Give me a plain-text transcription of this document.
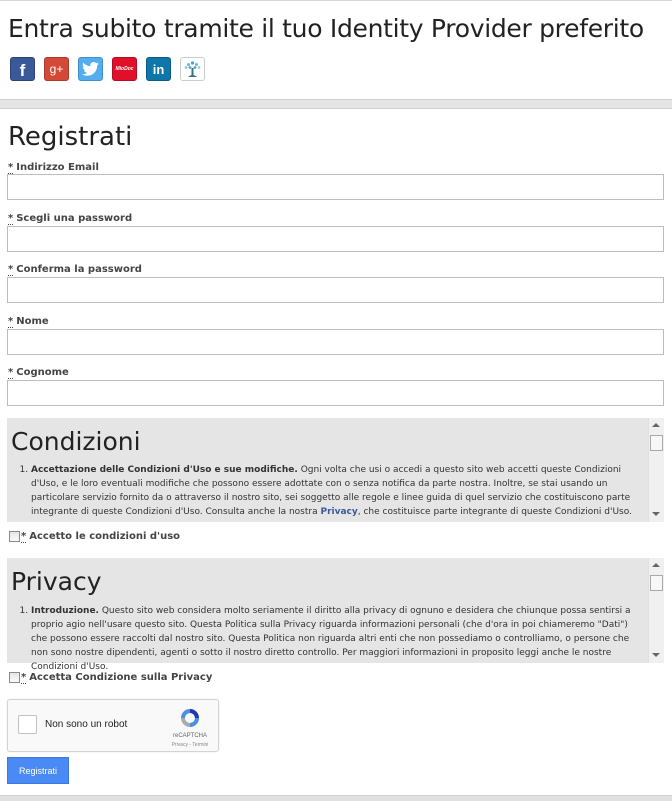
Entra subito tramite il tuo Identity Provider preferito
f g+	MioDoc in
Registrati
* Indirizzo Email
* Scegli una password
* Conferma la password
* Nome
* Cognome
Condizioni
1. Accettazione delle Condizioni d'Uso e sue modifiche. Ogni volta che usi o accedi a questo sito web accetti queste Condizioni d'Uso, e le loro eventuali modifiche che possono essere adottate con o senza notifica da parte nostra. Inoltre, se stai usando un particolare servizio fornito da o attraverso il nostro sito, sei soggetto alle regole e linee guida di quel servizio che costituiscono parte integrante di queste Condizioni d'Uso. Consulta anche la nostra Privacy, che costituisce parte integrante di queste Condizioni d'Uso.
* Accetto le condizioni d'uso
Privacy
1. Introduzione. Questo sito web considera molto seriamente il diritto alla privacy di ognuno e desidera che chiunque possa sentirsi a proprio agio nell'usare questo sito. Questa Politica sulla Privacy riguarda informazioni personali (che d'ora in poi chiameremo "Dati") che possono essere raccolti dal nostro sito. Questa Politica non riguarda altri enti che non possediamo o controlliamo, o persone che non sono nostre dipendenti, agenti o sotto il nostro diretto controllo. Per maggiori informazioni in proposito leggi anche le nostre Condizioni d'Uso.
* Accetta Condizione sulla Privacy
Non sono un robot
reCAPTCHA
Privacy - Termini
Registrati
